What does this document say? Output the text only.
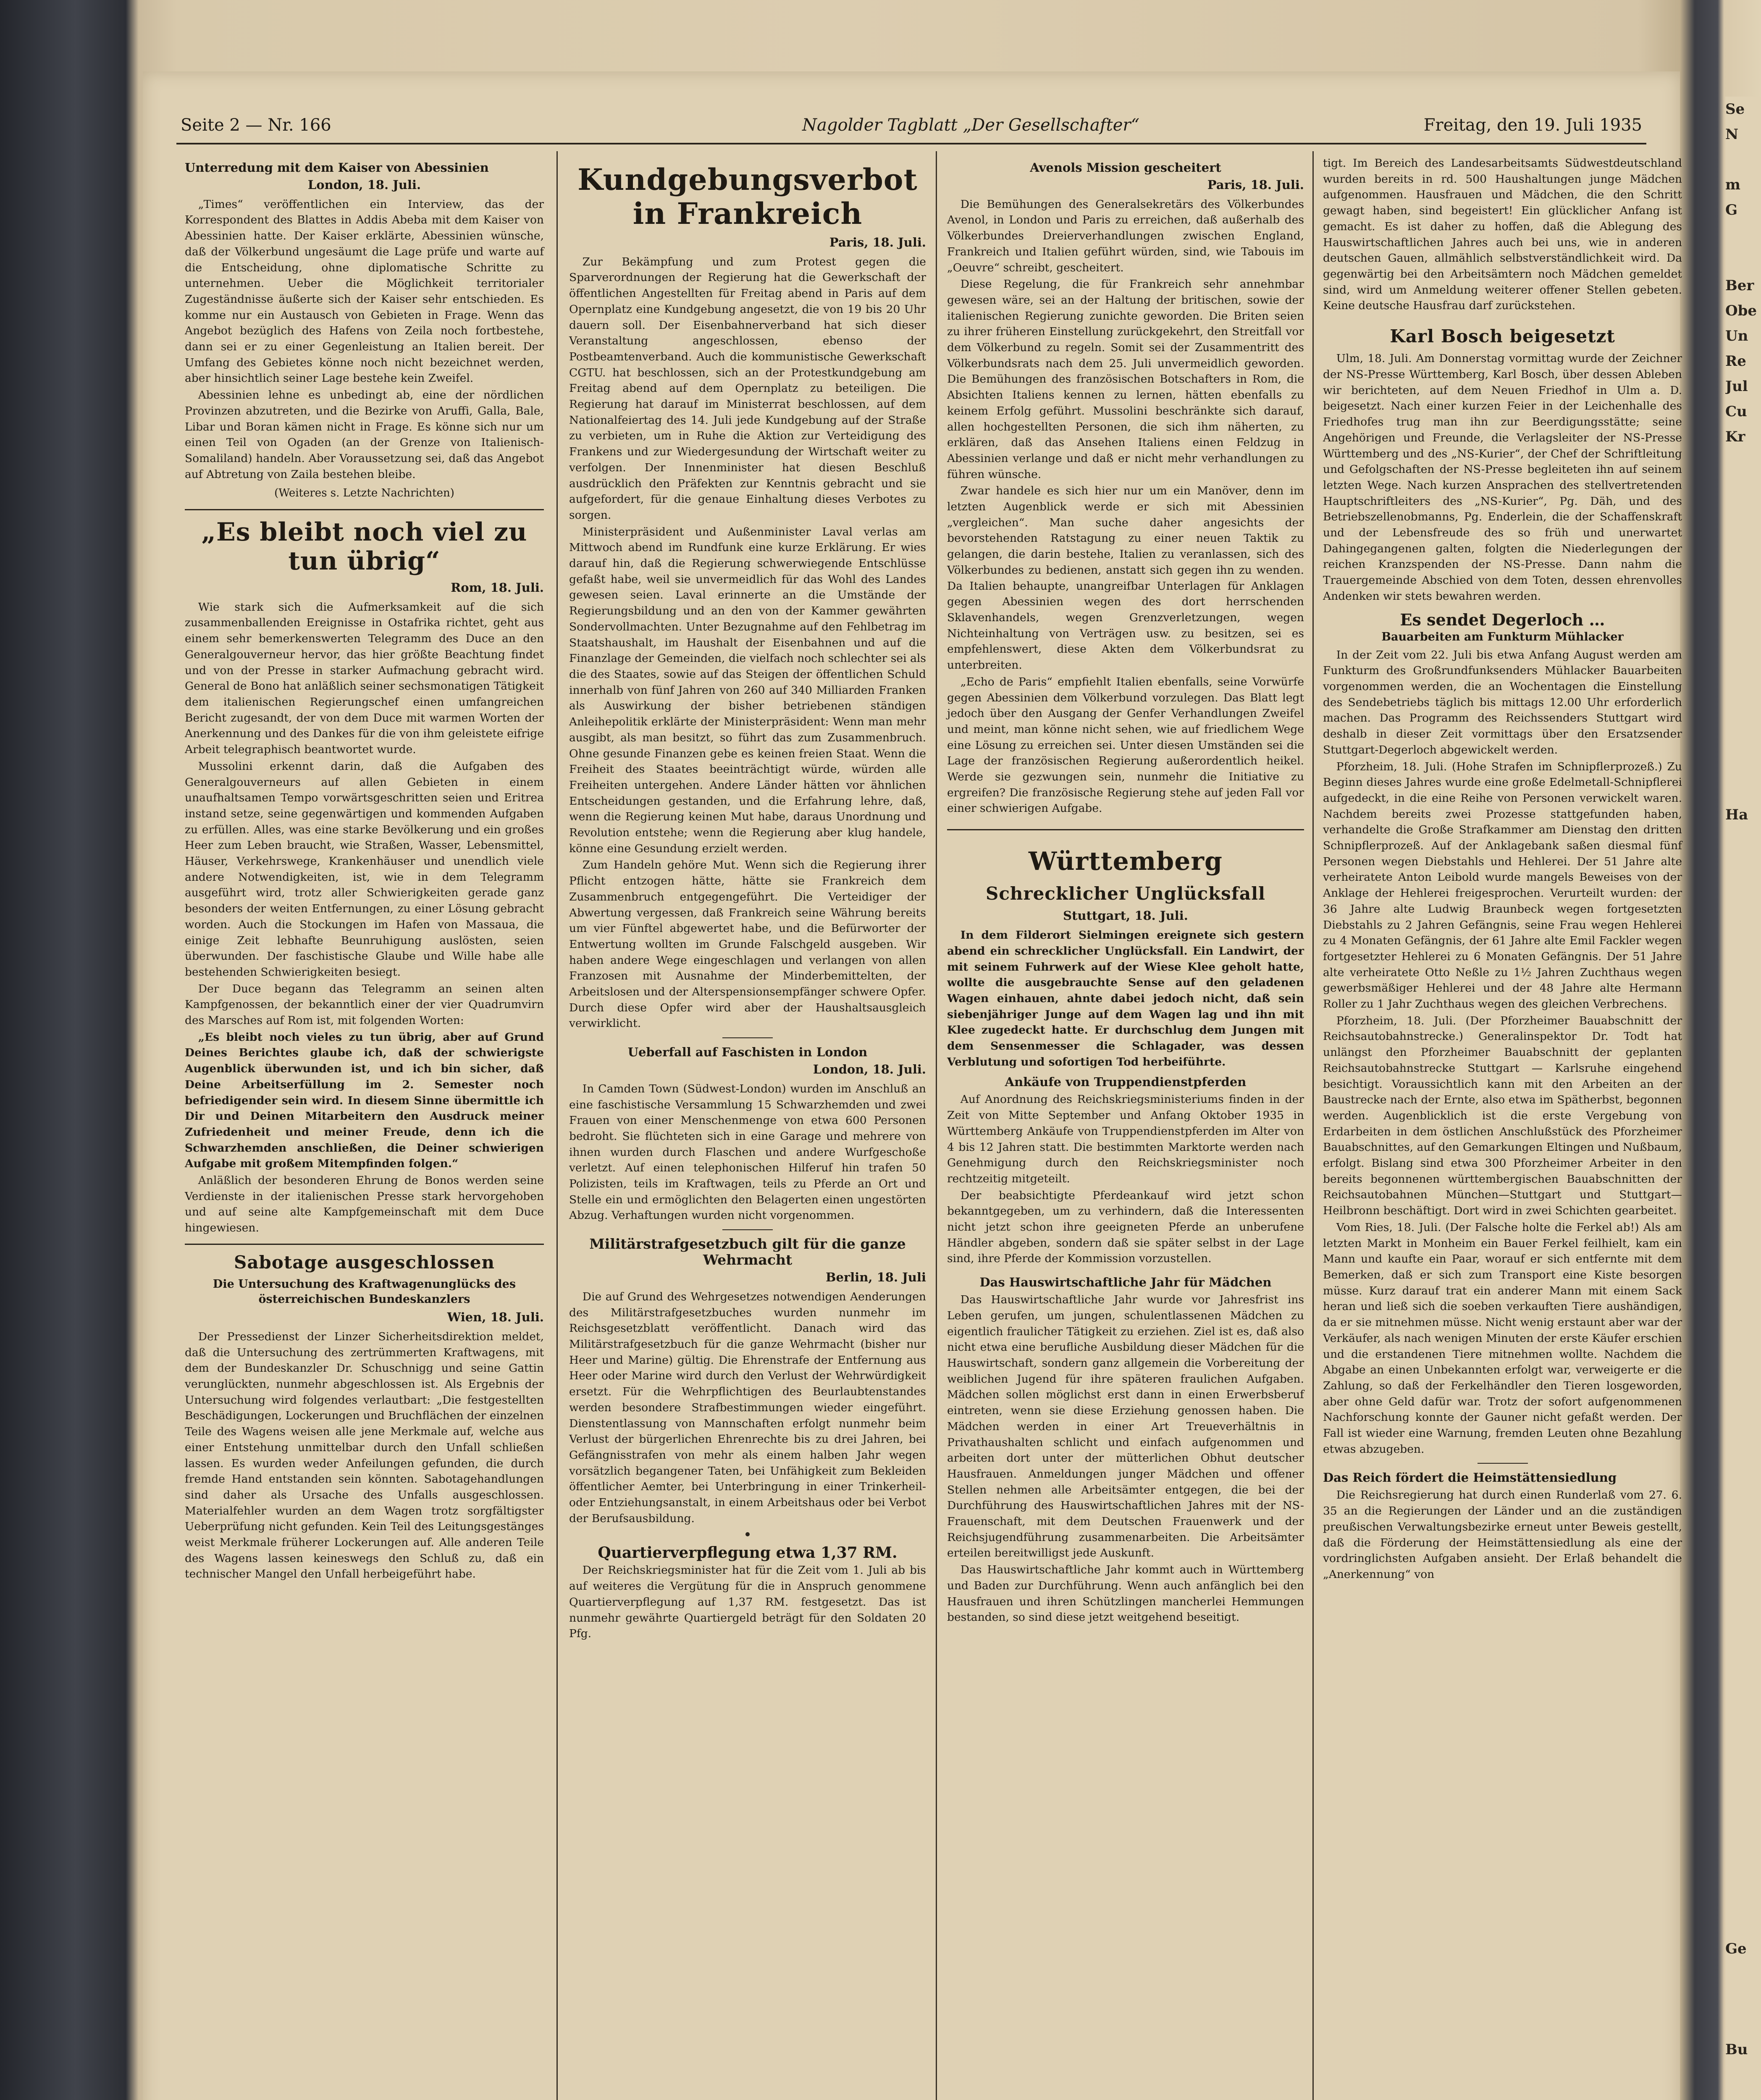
Se
N

m
G

Ber
Obe
Un
Re
Jul
Cu
Kr

Ha

Ge

Bu
Seite 2 — Nr. 166	Nagolder Tagblatt „Der Gesellschafter“	Freitag, den 19. Juli 1935
Unterredung mit dem Kaiser von Abessinien
London, 18. Juli.

„Times“ veröffentlichen ein Interview, das der Korrespondent des Blattes in Addis Abeba mit dem Kaiser von Abessinien hatte. Der Kaiser erklärte, Abessinien wünsche, daß der Völkerbund ungesäumt die Lage prüfe und warte auf die Entscheidung, ohne diplomatische Schritte zu unternehmen. Ueber die Möglichkeit territorialer Zugeständnisse äußerte sich der Kaiser sehr entschieden. Es komme nur ein Austausch von Gebieten in Frage. Wenn das Angebot bezüglich des Hafens von Zeila noch fortbestehe, dann sei er zu einer Gegenleistung an Italien bereit. Der Umfang des Gebietes könne noch nicht bezeichnet werden, aber hinsichtlich seiner Lage bestehe kein Zweifel.

Abessinien lehne es unbedingt ab, eine der nördlichen Provinzen abzutreten, und die Bezirke von Aruffi, Galla, Bale, Libar und Boran kämen nicht in Frage. Es könne sich nur um einen Teil von Ogaden (an der Grenze von Italienisch-Somaliland) handeln. Aber Voraussetzung sei, daß das Angebot auf Abtretung von Zaila bestehen bleibe.

(Weiteres s. Letzte Nachrichten)
„Es bleibt noch viel zu tun übrig“
Rom, 18. Juli.

Wie stark sich die Aufmerksamkeit auf die sich zusammenballenden Ereignisse in Ostafrika richtet, geht aus einem sehr bemerkenswerten Telegramm des Duce an den Generalgouverneur hervor, das hier größte Beachtung findet und von der Presse in starker Aufmachung gebracht wird. General de Bono hat anläßlich seiner sechsmonatigen Tätigkeit dem italienischen Regierungschef einen umfangreichen Bericht zugesandt, der von dem Duce mit warmen Worten der Anerkennung und des Dankes für die von ihm geleistete eifrige Arbeit telegraphisch beantwortet wurde.

Mussolini erkennt darin, daß die Aufgaben des Generalgouverneurs auf allen Gebieten in einem unaufhaltsamen Tempo vorwärtsgeschritten seien und Eritrea instand setze, seine gegenwärtigen und kommenden Aufgaben zu erfüllen. Alles, was eine starke Bevölkerung und ein großes Heer zum Leben braucht, wie Straßen, Wasser, Lebensmittel, Häuser, Verkehrswege, Krankenhäuser und unendlich viele andere Notwendigkeiten, ist, wie in dem Telegramm ausgeführt wird, trotz aller Schwierigkeiten gerade ganz besonders der weiten Entfernungen, zu einer Lösung gebracht worden. Auch die Stockungen im Hafen von Massaua, die einige Zeit lebhafte Beunruhigung auslösten, seien überwunden. Der faschistische Glaube und Wille habe alle bestehenden Schwierigkeiten besiegt.

Der Duce begann das Telegramm an seinen alten Kampfgenossen, der bekanntlich einer der vier Quadrumvirn des Marsches auf Rom ist, mit folgenden Worten:

„Es bleibt noch vieles zu tun übrig, aber auf Grund Deines Berichtes glaube ich, daß der schwierigste Augenblick überwunden ist, und ich bin sicher, daß Deine Arbeitserfüllung im 2. Semester noch befriedigender sein wird. In diesem Sinne übermittle ich Dir und Deinen Mitarbeitern den Ausdruck meiner Zufriedenheit und meiner Freude, denn ich die Schwarzhemden anschließen, die Deiner schwierigen Aufgabe mit großem Mitempfinden folgen.“

Anläßlich der besonderen Ehrung de Bonos werden seine Verdienste in der italienischen Presse stark hervorgehoben und auf seine alte Kampfgemeinschaft mit dem Duce hingewiesen.

Sabotage ausgeschlossen
Die Untersuchung des Kraftwagenunglücks des österreichischen Bundeskanzlers
Wien, 18. Juli.

Der Pressedienst der Linzer Sicherheitsdirektion meldet, daß die Untersuchung des zertrümmerten Kraftwagens, mit dem der Bundeskanzler Dr. Schuschnigg und seine Gattin verunglückten, nunmehr abgeschlossen ist. Als Ergebnis der Untersuchung wird folgendes verlautbart: „Die festgestellten Beschädigungen, Lockerungen und Bruchflächen der einzelnen Teile des Wagens weisen alle jene Merkmale auf, welche aus einer Entstehung unmittelbar durch den Unfall schließen lassen. Es wurden weder Anfeilungen gefunden, die durch fremde Hand entstanden sein könnten. Sabotagehandlungen sind daher als Ursache des Unfalls ausgeschlossen. Materialfehler wurden an dem Wagen trotz sorgfältigster Ueberprüfung nicht gefunden. Kein Teil des Leitungsgestänges weist Merkmale früherer Lockerungen auf. Alle anderen Teile des Wagens lassen keineswegs den Schluß zu, daß ein technischer Mangel den Unfall herbeigeführt habe.

Kundgebungsverbot in Frankreich
Paris, 18. Juli.

Zur Bekämpfung und zum Protest gegen die Sparverordnungen der Regierung hat die Gewerkschaft der öffentlichen Angestellten für Freitag abend in Paris auf dem Opernplatz eine Kundgebung angesetzt, die von 19 bis 20 Uhr dauern soll. Der Eisenbahnerverband hat sich dieser Veranstaltung angeschlossen, ebenso der Postbeamtenverband. Auch die kommunistische Gewerkschaft CGTU. hat beschlossen, sich an der Protestkundgebung am Freitag abend auf dem Opernplatz zu beteiligen. Die Regierung hat darauf im Ministerrat beschlossen, auf dem Nationalfeiertag des 14. Juli jede Kundgebung auf der Straße zu verbieten, um in Ruhe die Aktion zur Verteidigung des Frankens und zur Wiedergesundung der Wirtschaft weiter zu verfolgen. Der Innenminister hat diesen Beschluß ausdrücklich den Präfekten zur Kenntnis gebracht und sie aufgefordert, für die genaue Einhaltung dieses Verbotes zu sorgen.

Ministerpräsident und Außenminister Laval verlas am Mittwoch abend im Rundfunk eine kurze Erklärung. Er wies darauf hin, daß die Regierung schwerwiegende Entschlüsse gefaßt habe, weil sie unvermeidlich für das Wohl des Landes gewesen seien. Laval erinnerte an die Umstände der Regierungsbildung und an den von der Kammer gewährten Sondervollmachten. Unter Bezugnahme auf den Fehlbetrag im Staatshaushalt, im Haushalt der Eisenbahnen und auf die Finanzlage der Gemeinden, die vielfach noch schlechter sei als die des Staates, sowie auf das Steigen der öffentlichen Schuld innerhalb von fünf Jahren von 260 auf 340 Milliarden Franken als Auswirkung der bisher betriebenen ständigen Anleihepolitik erklärte der Ministerpräsident: Wenn man mehr ausgibt, als man besitzt, so führt das zum Zusammenbruch. Ohne gesunde Finanzen gebe es keinen freien Staat. Wenn die Freiheit des Staates beeinträchtigt würde, würden alle Freiheiten untergehen. Andere Länder hätten vor ähnlichen Entscheidungen gestanden, und die Erfahrung lehre, daß, wenn die Regierung keinen Mut habe, daraus Unordnung und Revolution entstehe; wenn die Regierung aber klug handele, könne eine Gesundung erzielt werden.

Zum Handeln gehöre Mut. Wenn sich die Regierung ihrer Pflicht entzogen hätte, hätte sie Frankreich dem Zusammenbruch entgegengeführt. Die Verteidiger der Abwertung vergessen, daß Frankreich seine Währung bereits um vier Fünftel abgewertet habe, und die Befürworter der Entwertung wollten im Grunde Falschgeld ausgeben. Wir haben andere Wege eingeschlagen und verlangen von allen Franzosen mit Ausnahme der Minderbemittelten, der Arbeitslosen und der Alterspensionsempfänger schwere Opfer. Durch diese Opfer wird aber der Haushaltsausgleich verwirklicht.

Ueberfall auf Faschisten in London
London, 18. Juli.

In Camden Town (Südwest-London) wurden im Anschluß an eine faschistische Versammlung 15 Schwarzhemden und zwei Frauen von einer Menschenmenge von etwa 600 Personen bedroht. Sie flüchteten sich in eine Garage und mehrere von ihnen wurden durch Flaschen und andere Wurfgeschoße verletzt. Auf einen telephonischen Hilferuf hin trafen 50 Polizisten, teils im Kraftwagen, teils zu Pferde an Ort und Stelle ein und ermöglichten den Belagerten einen ungestörten Abzug. Verhaftungen wurden nicht vorgenommen.

Militärstrafgesetzbuch gilt für die ganze Wehrmacht
Berlin, 18. Juli

Die auf Grund des Wehrgesetzes notwendigen Aenderungen des Militärstrafgesetzbuches wurden nunmehr im Reichsgesetzblatt veröffentlicht. Danach wird das Militärstrafgesetzbuch für die ganze Wehrmacht (bisher nur Heer und Marine) gültig. Die Ehrenstrafe der Entfernung aus Heer oder Marine wird durch den Verlust der Wehrwürdigkeit ersetzt. Für die Wehrpflichtigen des Beurlaubtenstandes werden besondere Strafbestimmungen wieder eingeführt. Dienstentlassung von Mannschaften erfolgt nunmehr beim Verlust der bürgerlichen Ehrenrechte bis zu drei Jahren, bei Gefängnisstrafen von mehr als einem halben Jahr wegen vorsätzlich begangener Taten, bei Unfähigkeit zum Bekleiden öffentlicher Aemter, bei Unterbringung in einer Trinkerheil- oder Entziehungsanstalt, in einem Arbeitshaus oder bei Verbot der Berufsausbildung.

Quartierverpflegung etwa 1,37 RM.

Der Reichskriegsminister hat für die Zeit vom 1. Juli ab bis auf weiteres die Vergütung für die in Anspruch genommene Quartierverpflegung auf 1,37 RM. festgesetzt. Das ist nunmehr gewährte Quartiergeld beträgt für den Soldaten 20 Pfg.

Avenols Mission gescheitert
Paris, 18. Juli.

Die Bemühungen des Generalsekretärs des Völkerbundes Avenol, in London und Paris zu erreichen, daß außerhalb des Völkerbundes Dreierverhandlungen zwischen England, Frankreich und Italien geführt würden, sind, wie Tabouis im „Oeuvre“ schreibt, gescheitert.

Diese Regelung, die für Frankreich sehr annehmbar gewesen wäre, sei an der Haltung der britischen, sowie der italienischen Regierung zunichte geworden. Die Briten seien zu ihrer früheren Einstellung zurückgekehrt, den Streitfall vor dem Völkerbund zu regeln. Somit sei der Zusammentritt des Völkerbundsrats nach dem 25. Juli unvermeidlich geworden. Die Bemühungen des französischen Botschafters in Rom, die Absichten Italiens kennen zu lernen, hätten ebenfalls zu keinem Erfolg geführt. Mussolini beschränkte sich darauf, allen hochgestellten Personen, die sich ihm näherten, zu erklären, daß das Ansehen Italiens einen Feldzug in Abessinien verlange und daß er nicht mehr verhandlungen zu führen wünsche.

Zwar handele es sich hier nur um ein Manöver, denn im letzten Augenblick werde er sich mit Abessinien „vergleichen“. Man suche daher angesichts der bevorstehenden Ratstagung zu einer neuen Taktik zu gelangen, die darin bestehe, Italien zu veranlassen, sich des Völkerbundes zu bedienen, anstatt sich gegen ihn zu wenden. Da Italien behaupte, unangreifbar Unterlagen für Anklagen gegen Abessinien wegen des dort herrschenden Sklavenhandels, wegen Grenzverletzungen, wegen Nichteinhaltung von Verträgen usw. zu besitzen, sei es empfehlenswert, diese Akten dem Völkerbundsrat zu unterbreiten.

„Echo de Paris“ empfiehlt Italien ebenfalls, seine Vorwürfe gegen Abessinien dem Völkerbund vorzulegen. Das Blatt legt jedoch über den Ausgang der Genfer Verhandlungen Zweifel und meint, man könne nicht sehen, wie auf friedlichem Wege eine Lösung zu erreichen sei. Unter diesen Umständen sei die Lage der französischen Regierung außerordentlich heikel. Werde sie gezwungen sein, nunmehr die Initiative zu ergreifen? Die französische Regierung stehe auf jeden Fall vor einer schwierigen Aufgabe.

Württemberg
Schrecklicher Unglücksfall
Stuttgart, 18. Juli.

In dem Filderort Sielmingen ereignete sich gestern abend ein schrecklicher Unglücksfall. Ein Landwirt, der mit seinem Fuhrwerk auf der Wiese Klee geholt hatte, wollte die ausgebrauchte Sense auf den geladenen Wagen einhauen, ahnte dabei jedoch nicht, daß sein siebenjähriger Junge auf dem Wagen lag und ihn mit Klee zugedeckt hatte. Er durchschlug dem Jungen mit dem Sensenmesser die Schlagader, was dessen Verblutung und sofortigen Tod herbeiführte.

Ankäufe von Truppendienstpferden

Auf Anordnung des Reichskriegsministeriums finden in der Zeit von Mitte September und Anfang Oktober 1935 in Württemberg Ankäufe von Truppendienstpferden im Alter von 4 bis 12 Jahren statt. Die bestimmten Marktorte werden nach Genehmigung durch den Reichskriegsminister noch rechtzeitig mitgeteilt.

Der beabsichtigte Pferdeankauf wird jetzt schon bekanntgegeben, um zu verhindern, daß die Interessenten nicht jetzt schon ihre geeigneten Pferde an unberufene Händler abgeben, sondern daß sie später selbst in der Lage sind, ihre Pferde der Kommission vorzustellen.

Das Hauswirtschaftliche Jahr für Mädchen

Das Hauswirtschaftliche Jahr wurde vor Jahresfrist ins Leben gerufen, um jungen, schulentlassenen Mädchen zu eigentlich fraulicher Tätigkeit zu erziehen. Ziel ist es, daß also nicht etwa eine berufliche Ausbildung dieser Mädchen für die Hauswirtschaft, sondern ganz allgemein die Vorbereitung der weiblichen Jugend für ihre späteren fraulichen Aufgaben. Mädchen sollen möglichst erst dann in einen Erwerbsberuf eintreten, wenn sie diese Erziehung genossen haben. Die Mädchen werden in einer Art Treueverhältnis in Privathaushalten schlicht und einfach aufgenommen und arbeiten dort unter der mütterlichen Obhut deutscher Hausfrauen. Anmeldungen junger Mädchen und offener Stellen nehmen alle Arbeitsämter entgegen, die bei der Durchführung des Hauswirtschaftlichen Jahres mit der NS-Frauenschaft, mit dem Deutschen Frauenwerk und der Reichsjugendführung zusammenarbeiten. Die Arbeitsämter erteilen bereitwilligst jede Auskunft.

Das Hauswirtschaftliche Jahr kommt auch in Württemberg und Baden zur Durchführung. Wenn auch anfänglich bei den Hausfrauen und ihren Schützlingen mancherlei Hemmungen bestanden, so sind diese jetzt weitgehend beseitigt.

tigt. Im Bereich des Landesarbeitsamts Südwestdeutschland wurden bereits in rd. 500 Haushaltungen junge Mädchen aufgenommen. Hausfrauen und Mädchen, die den Schritt gewagt haben, sind begeistert! Ein glücklicher Anfang ist gemacht. Es ist daher zu hoffen, daß die Ablegung des Hauswirtschaftlichen Jahres auch bei uns, wie in anderen deutschen Gauen, allmählich selbstverständlichkeit wird. Da gegenwärtig bei den Arbeitsämtern noch Mädchen gemeldet sind, wird um Anmeldung weiterer offener Stellen gebeten. Keine deutsche Hausfrau darf zurückstehen.

Karl Bosch beigesetzt

Ulm, 18. Juli. Am Donnerstag vormittag wurde der Zeichner der NS-Presse Württemberg, Karl Bosch, über dessen Ableben wir berichteten, auf dem Neuen Friedhof in Ulm a. D. beigesetzt. Nach einer kurzen Feier in der Leichenhalle des Friedhofes trug man ihn zur Beerdigungsstätte; seine Angehörigen und Freunde, die Verlagsleiter der NS-Presse Württemberg und des „NS-Kurier“, der Chef der Schriftleitung und Gefolgschaften der NS-Presse begleiteten ihn auf seinem letzten Wege. Nach kurzen Ansprachen des stellvertretenden Hauptschriftleiters des „NS-Kurier“, Pg. Däh, und des Betriebszellenobmanns, Pg. Enderlein, die der Schaffenskraft und der Lebensfreude des so früh und unerwartet Dahingegangenen galten, folgten die Niederlegungen der reichen Kranzspenden der NS-Presse. Dann nahm die Trauergemeinde Abschied von dem Toten, dessen ehrenvolles Andenken wir stets bewahren werden.

Es sendet Degerloch …
Bauarbeiten am Funkturm Mühlacker

In der Zeit vom 22. Juli bis etwa Anfang August werden am Funkturm des Großrundfunksenders Mühlacker Bauarbeiten vorgenommen werden, die an Wochentagen die Einstellung des Sendebetriebs täglich bis mittags 12.00 Uhr erforderlich machen. Das Programm des Reichssenders Stuttgart wird deshalb in dieser Zeit vormittags über den Ersatzsender Stuttgart-Degerloch abgewickelt werden.

Pforzheim, 18. Juli. (Hohe Strafen im Schnipflerprozeß.) Zu Beginn dieses Jahres wurde eine große Edelmetall-Schnipflerei aufgedeckt, in die eine Reihe von Personen verwickelt waren. Nachdem bereits zwei Prozesse stattgefunden haben, verhandelte die Große Strafkammer am Dienstag den dritten Schnipflerprozeß. Auf der Anklagebank saßen diesmal fünf Personen wegen Diebstahls und Hehlerei. Der 51 Jahre alte verheiratete Anton Leibold wurde mangels Beweises von der Anklage der Hehlerei freigesprochen. Verurteilt wurden: der 36 Jahre alte Ludwig Braunbeck wegen fortgesetzten Diebstahls zu 2 Jahren Gefängnis, seine Frau wegen Hehlerei zu 4 Monaten Gefängnis, der 61 Jahre alte Emil Fackler wegen fortgesetzter Hehlerei zu 6 Monaten Gefängnis. Der 51 Jahre alte verheiratete Otto Neßle zu 1½ Jahren Zuchthaus wegen gewerbsmäßiger Hehlerei und der 48 Jahre alte Hermann Roller zu 1 Jahr Zuchthaus wegen des gleichen Verbrechens.

Pforzheim, 18. Juli. (Der Pforzheimer Bauabschnitt der Reichsautobahnstrecke.) Generalinspektor Dr. Todt hat unlängst den Pforzheimer Bauabschnitt der geplanten Reichsautobahnstrecke Stuttgart — Karlsruhe eingehend besichtigt. Voraussichtlich kann mit den Arbeiten an der Baustrecke nach der Ernte, also etwa im Spätherbst, begonnen werden. Augenblicklich ist die erste Vergebung von Erdarbeiten in dem östlichen Anschlußstück des Pforzheimer Bauabschnittes, auf den Gemarkungen Eltingen und Nußbaum, erfolgt. Bislang sind etwa 300 Pforzheimer Arbeiter in den bereits begonnenen württembergischen Bauabschnitten der Reichsautobahnen München—Stuttgart und Stuttgart—Heilbronn beschäftigt. Dort wird in zwei Schichten gearbeitet.

Vom Ries, 18. Juli. (Der Falsche holte die Ferkel ab!) Als am letzten Markt in Monheim ein Bauer Ferkel feilhielt, kam ein Mann und kaufte ein Paar, worauf er sich entfernte mit dem Bemerken, daß er sich zum Transport eine Kiste besorgen müsse. Kurz darauf trat ein anderer Mann mit einem Sack heran und ließ sich die soeben verkauften Tiere aushändigen, da er sie mitnehmen müsse. Nicht wenig erstaunt aber war der Verkäufer, als nach wenigen Minuten der erste Käufer erschien und die erstandenen Tiere mitnehmen wollte. Nachdem die Abgabe an einen Unbekannten erfolgt war, verweigerte er die Zahlung, so daß der Ferkelhändler den Tieren losgeworden, aber ohne Geld dafür war. Trotz der sofort aufgenommenen Nachforschung konnte der Gauner nicht gefaßt werden. Der Fall ist wieder eine Warnung, fremden Leuten ohne Bezahlung etwas abzugeben.

Das Reich fördert die Heimstättensiedlung

Die Reichsregierung hat durch einen Runderlaß vom 27. 6. 35 an die Regierungen der Länder und an die zuständigen preußischen Verwaltungsbezirke erneut unter Beweis gestellt, daß die Förderung der Heimstättensiedlung als eine der vordringlichsten Aufgaben ansieht. Der Erlaß behandelt die „Anerkennung“ von
